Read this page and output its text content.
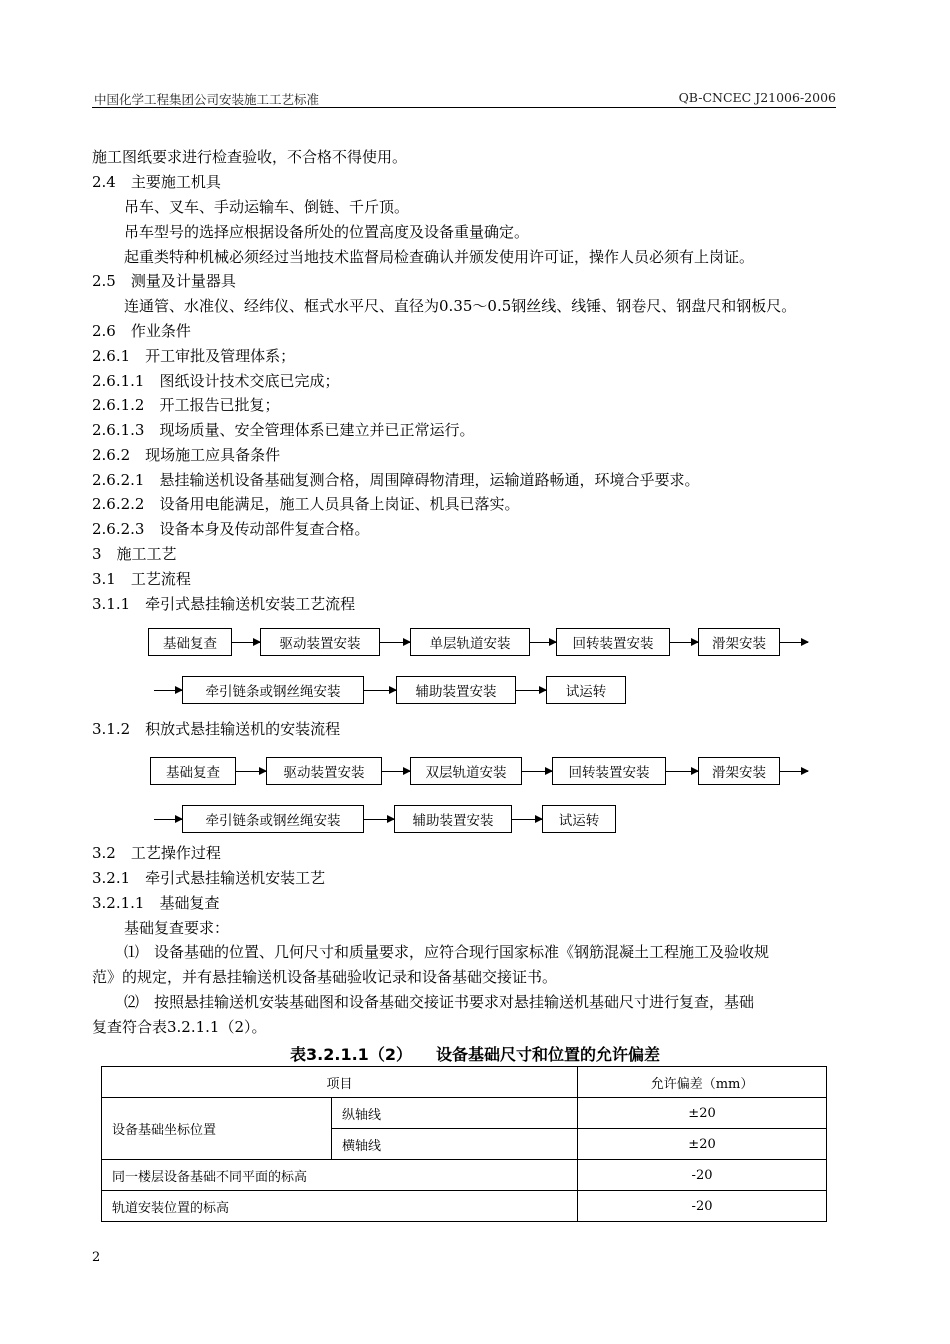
中国化学工程集团公司安装施工工艺标准	QB-CNCEC J21006-2006
施工图纸要求进行检查验收，不合格不得使用。
2.4　主要施工机具
吊车、叉车、手动运输车、倒链、千斤顶。
吊车型号的选择应根据设备所处的位置高度及设备重量确定。
起重类特种机械必须经过当地技术监督局检查确认并颁发使用许可证，操作人员必须有上岗证。
2.5　测量及计量器具
连通管、水准仪、经纬仪、框式水平尺、直径为0.35～0.5钢丝线、线锤、钢卷尺、钢盘尺和钢板尺。
2.6　作业条件
2.6.1　开工审批及管理体系；
2.6.1.1　图纸设计技术交底已完成；
2.6.1.2　开工报告已批复；
2.6.1.3　现场质量、安全管理体系已建立并已正常运行。
2.6.2　现场施工应具备条件
2.6.2.1　悬挂输送机设备基础复测合格，周围障碍物清理，运输道路畅通，环境合乎要求。
2.6.2.2　设备用电能满足，施工人员具备上岗证、机具已落实。
2.6.2.3　设备本身及传动部件复查合格。
3　施工工艺
3.1　工艺流程
3.1.1　牵引式悬挂输送机安装工艺流程
基础复查	驱动装置安装	单层轨道安装	回转装置安装	滑架安装
牵引链条或钢丝绳安装	辅助装置安装	试运转
3.1.2　积放式悬挂输送机的安装流程
基础复查	驱动装置安装	双层轨道安装	回转装置安装	滑架安装
牵引链条或钢丝绳安装	辅助装置安装	试运转
3.2　工艺操作过程
3.2.1　牵引式悬挂输送机安装工艺
3.2.1.1　基础复查
基础复查要求：
⑴　设备基础的位置、几何尺寸和质量要求，应符合现行国家标准《钢筋混凝土工程施工及验收规
范》的规定，并有悬挂输送机设备基础验收记录和设备基础交接证书。
⑵　按照悬挂输送机安装基础图和设备基础交接证书要求对悬挂输送机基础尺寸进行复查，基础
复查符合表3.2.1.1（2）。
表3.2.1.1（2）　　设备基础尺寸和位置的允许偏差
项目		允许偏差（mm）
设备基础坐标位置	纵轴线	±20
	横轴线	±20
同一楼层设备基础不同平面的标高		-20
轨道安装位置的标高		-20
2
